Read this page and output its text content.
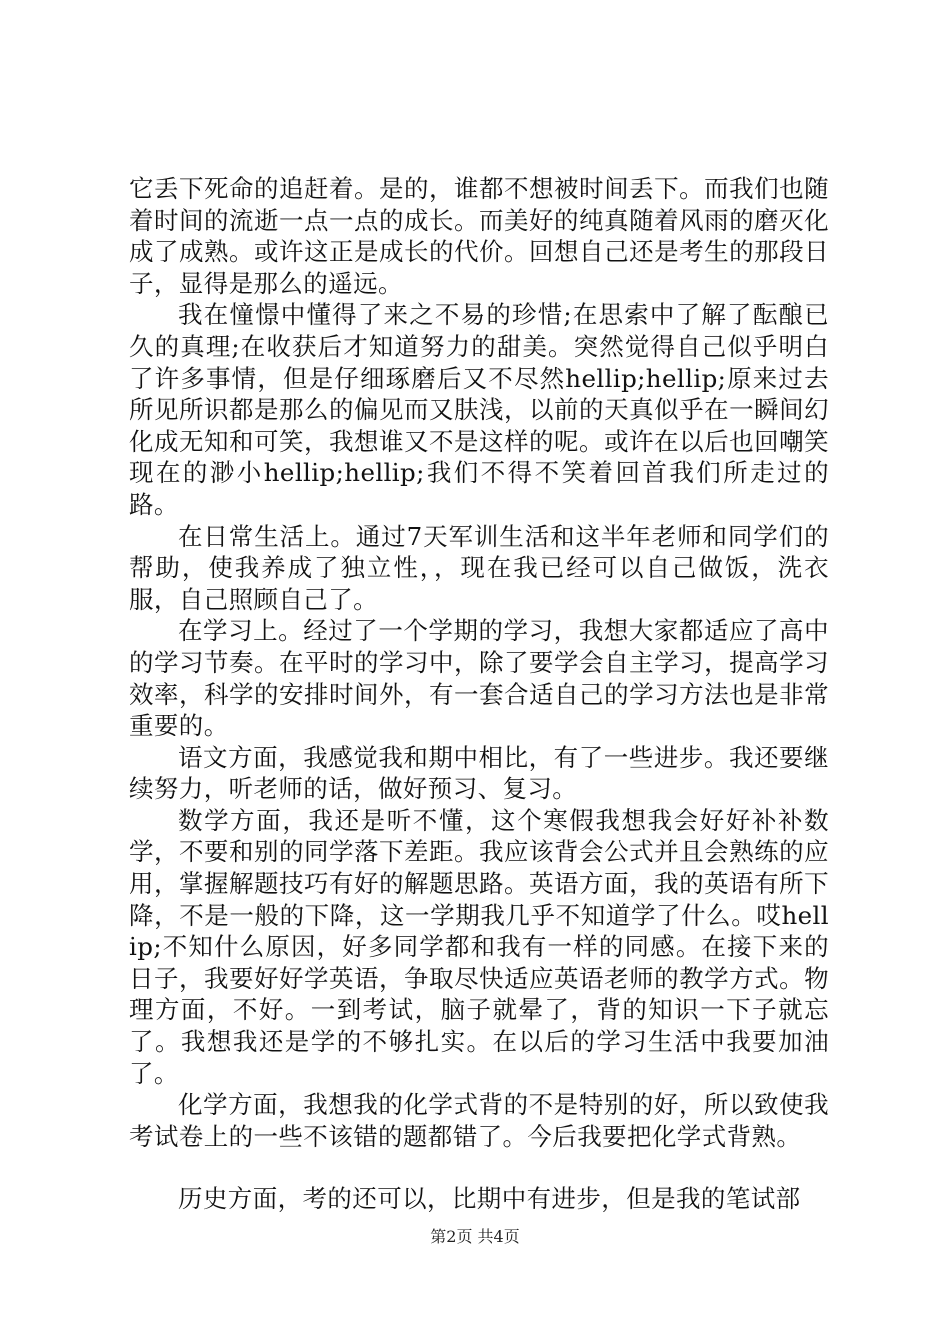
它丢下死命的追赶着。是的，谁都不想被时间丢下。而我们也随着时间的流逝一点一点的成长。而美好的纯真随着风雨的磨灭化成了成熟。或许这正是成长的代价。回想自己还是考生的那段日子，显得是那么的遥远。

我在憧憬中懂得了来之不易的珍惜;在思索中了解了酝酿已久的真理;在收获后才知道努力的甜美。突然觉得自己似乎明白了许多事情，但是仔细琢磨后又不尽然hellip;hellip;原来过去所见所识都是那么的偏见而又肤浅，以前的天真似乎在一瞬间幻化成无知和可笑，我想谁又不是这样的呢。或许在以后也回嘲笑现在的渺小hellip;hellip;我们不得不笑着回首我们所走过的路。

在日常生活上。通过7天军训生活和这半年老师和同学们的帮助，使我养成了独立性，，现在我已经可以自己做饭，洗衣服，自己照顾自己了。

在学习上。经过了一个学期的学习，我想大家都适应了高中的学习节奏。在平时的学习中，除了要学会自主学习，提高学习效率，科学的安排时间外，有一套合适自己的学习方法也是非常重要的。

语文方面，我感觉我和期中相比，有了一些进步。我还要继续努力，听老师的话，做好预习、复习。

数学方面，我还是听不懂，这个寒假我想我会好好补补数学，不要和别的同学落下差距。我应该背会公式并且会熟练的应用，掌握解题技巧有好的解题思路。英语方面，我的英语有所下降，不是一般的下降，这一学期我几乎不知道学了什么。哎hellip;不知什么原因，好多同学都和我有一样的同感。在接下来的日子，我要好好学英语，争取尽快适应英语老师的教学方式。物理方面，不好。一到考试，脑子就晕了，背的知识一下子就忘了。我想我还是学的不够扎实。在以后的学习生活中我要加油了。

化学方面，我想我的化学式背的不是特别的好，所以致使我考试卷上的一些不该错的题都错了。今后我要把化学式背熟。

历史方面，考的还可以，比期中有进步，但是我的笔试部

第2页 共4页
